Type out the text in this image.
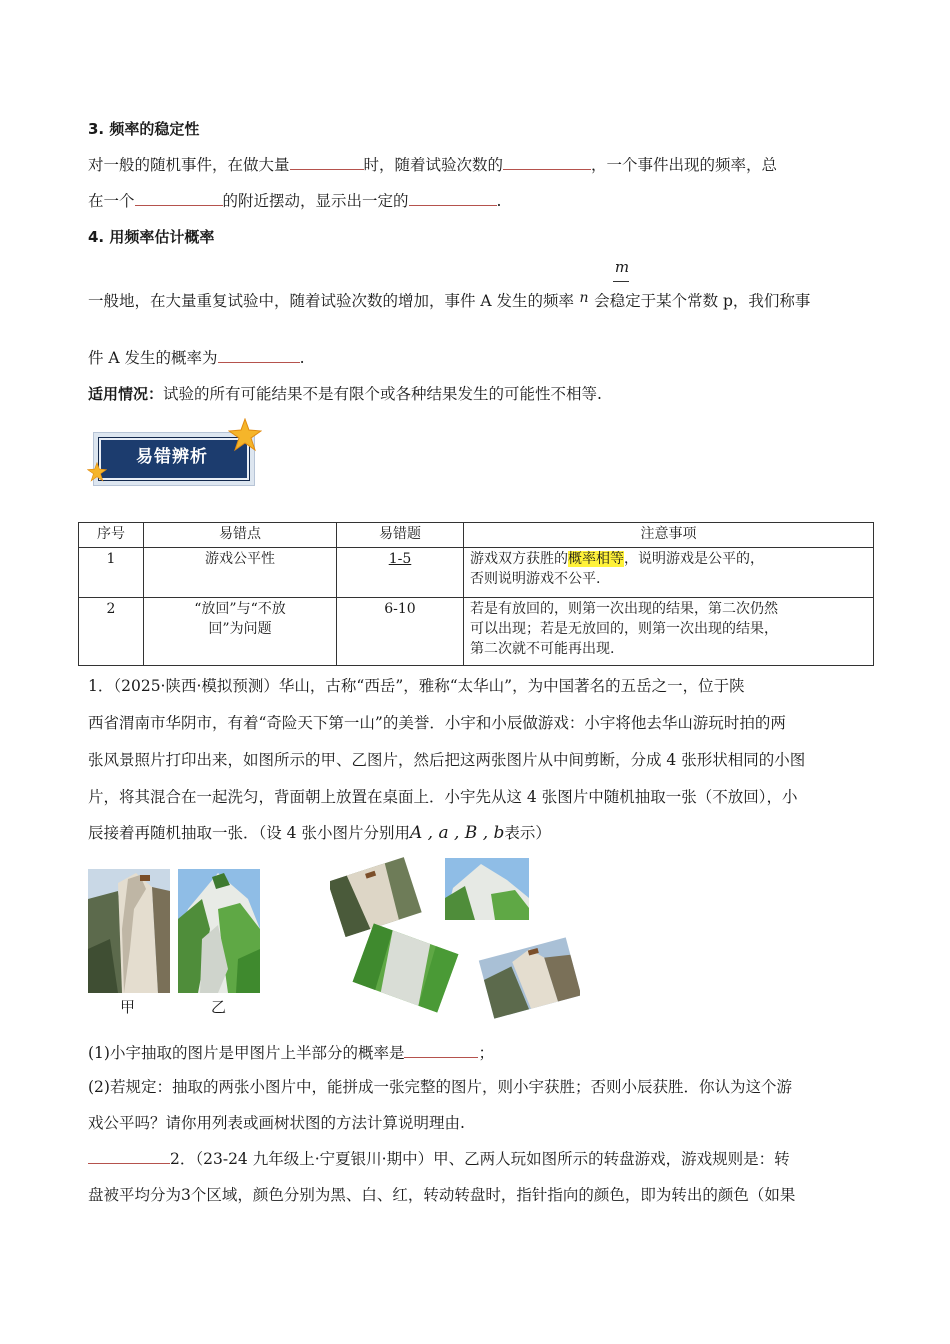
3. 频率的稳定性
对一般的随机事件，在做大量	时，随着试验次数的	，一个事件出现的频率，总
在一个	的附近摆动，显示出一定的	.
4. 用频率估计概率
m
一般地，在大量重复试验中，随着试验次数的增加，事件 A 发生的频率 n 会稳定于某个常数 p，我们称事
件 A 发生的概率为	.
适用情况：试验的所有可能结果不是有限个或各种结果发生的可能性不相等.
易错辨析
序号	易错点	易错题	注意事项
1	游戏公平性	1-5	游戏双方获胜的概率相等，说明游戏是公平的，
否则说明游戏不公平.
2	“放回”与“不放
回”为问题	6-10	若是有放回的，则第一次出现的结果，第二次仍然
可以出现；若是无放回的，则第一次出现的结果，
第二次就不可能再出现.
1．（2025·陕西·模拟预测）华山，古称“西岳”，雅称“太华山”，为中国著名的五岳之一，位于陕
西省渭南市华阴市，有着“奇险天下第一山”的美誉．小宇和小辰做游戏：小宇将他去华山游玩时拍的两
张风景照片打印出来，如图所示的甲、乙图片，然后把这两张图片从中间剪断，分成 4 张形状相同的小图
片，将其混合在一起洗匀，背面朝上放置在桌面上．小宇先从这 4 张图片中随机抽取一张（不放回），小
辰接着再随机抽取一张．（设 4 张小图片分别用A , a , B , b表示）
甲	乙
(1)小宇抽取的图片是甲图片上半部分的概率是	；
(2)若规定：抽取的两张小图片中，能拼成一张完整的图片，则小宇获胜；否则小辰获胜．你认为这个游
戏公平吗？请你用列表或画树状图的方法计算说明理由.
2．（23-24 九年级上·宁夏银川·期中）甲、乙两人玩如图所示的转盘游戏，游戏规则是：转
盘被平均分为3个区域，颜色分别为黑、白、红，转动转盘时，指针指向的颜色，即为转出的颜色（如果
